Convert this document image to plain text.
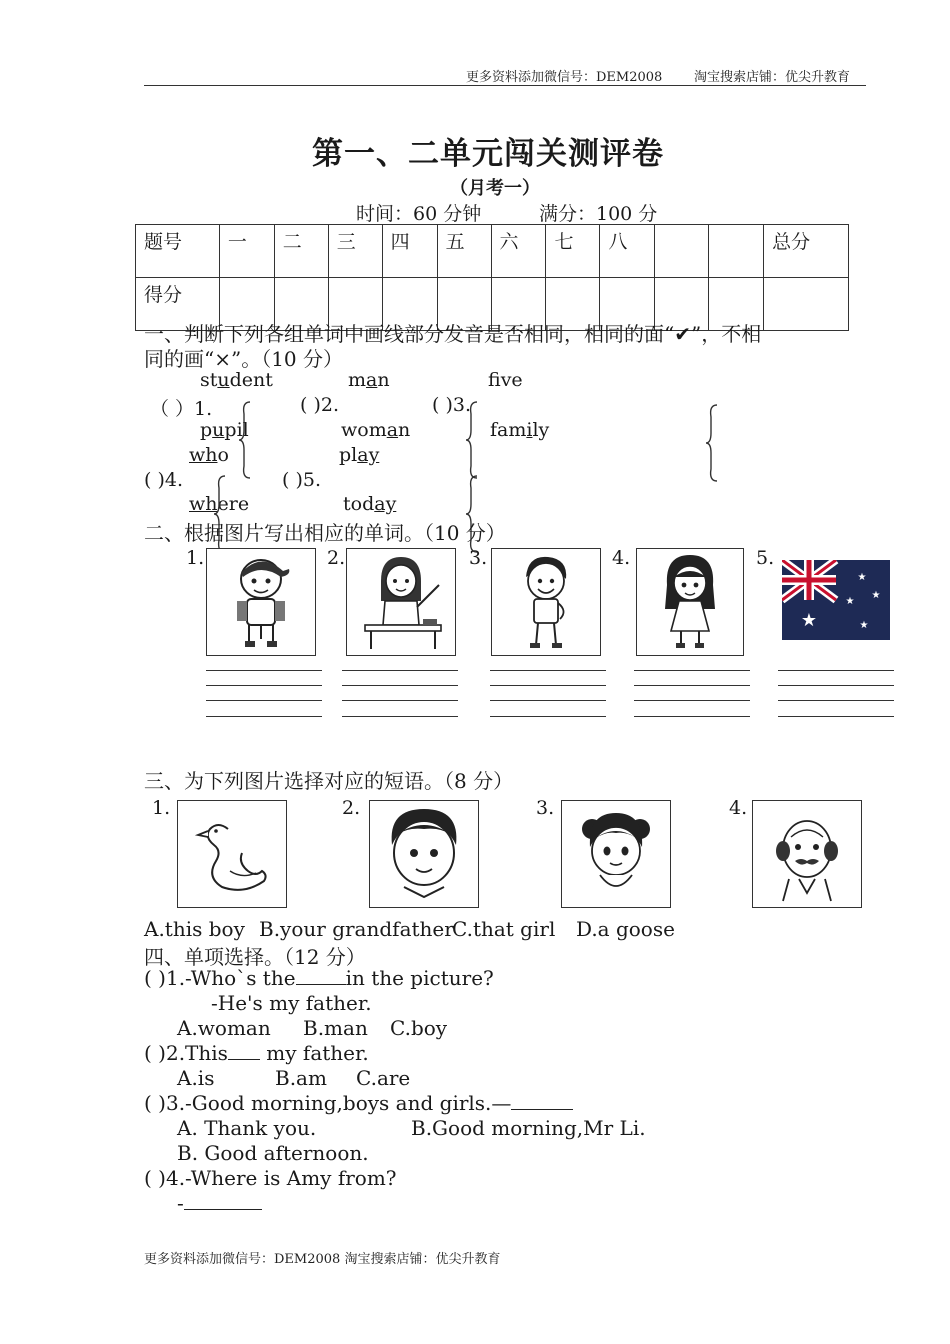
更多资料添加微信号：DEM2008 淘宝搜索店铺：优尖升教育
第一、二单元闯关测评卷
（月考一）
时间：60 分钟	满分：100 分
题号	一	二	三	四	五	六	七	八			总分
得分											
一、判断下列各组单词中画线部分发音是否相同，相同的面“✔”，不相
同的画“×”。（10 分）
student
（ ）1.
pupil
man
( )2.
woman
fve
( )3.
family
who
( )4.
where
play
( )5.
today
二、根据图片写出相应的单词。（10 分）
1.	2.	3.	4.	5.
★
★
★
★
★
三、为下列图片选择对应的短语。（8 分）
1.	2.	3.	4.
A.this boy B.your grandfather
C.that girl D.a goose
四、单项选择。（12 分）
( )1.-Who`s the	in the picture?
-He's my father.
A.woman B.man C.boy
( )2.This my father.
A.is	B.am C.are
( )3.-Good morning,boys and girls.—
A. Thank you.	B.Good morning,Mr Li.
B. Good afternoon.
( )4.-Where is Amy from?
-
更多资料添加微信号：DEM2008 淘宝搜索店铺：优尖升教育
